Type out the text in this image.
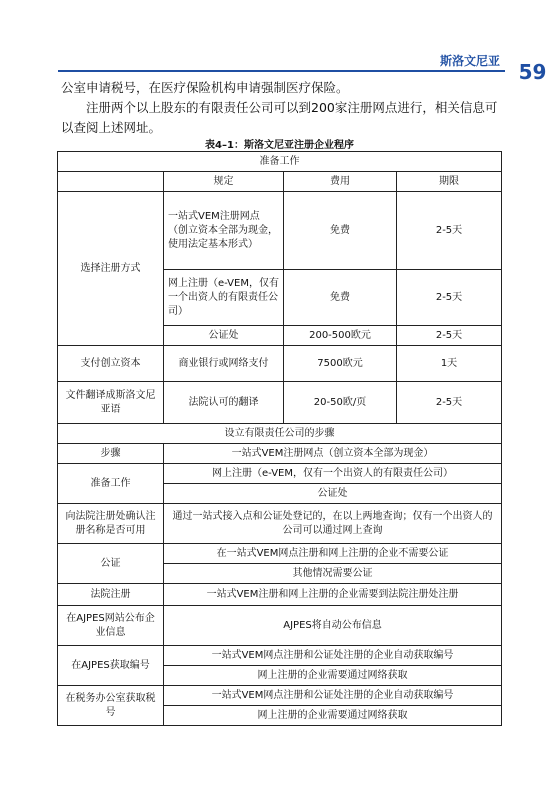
斯洛文尼亚 59

公室申请税号，在医疗保险机构申请强制医疗保险。

注册两个以上股东的有限责任公司可以到200家注册网点进行，相关信息可以查阅上述网址。

表4–1：斯洛文尼亚注册企业程序
准备工作			
	规定	费用	期限
选择注册方式	一站式VEM注册网点（创立资本全部为现金，使用法定基本形式）	免费	2-5天
	网上注册（e-VEM，仅有一个出资人的有限责任公司）	免费	2-5天
	公证处	200-500欧元	2-5天
支付创立资本	商业银行或网络支付	7500欧元	1天
文件翻译成斯洛文尼亚语	法院认可的翻译	20-50欧/页	2-5天
设立有限责任公司的步骤			
步骤	一站式VEM注册网点（创立资本全部为现金）		
准备工作	网上注册（e-VEM，仅有一个出资人的有限责任公司）		
	公证处		
向法院注册处确认注册名称是否可用	通过一站式接入点和公证处登记的，在以上两地查询；仅有一个出资人的公司可以通过网上查询		
公证	在一站式VEM网点注册和网上注册的企业不需要公证		
	其他情况需要公证		
法院注册	一站式VEM注册和网上注册的企业需要到法院注册处注册		
在AJPES网站公布企业信息	AJPES将自动公布信息		
在AJPES获取编号	一站式VEM网点注册和公证处注册的企业自动获取编号		
	网上注册的企业需要通过网络获取		
在税务办公室获取税号	一站式VEM网点注册和公证处注册的企业自动获取编号		
	网上注册的企业需要通过网络获取		
